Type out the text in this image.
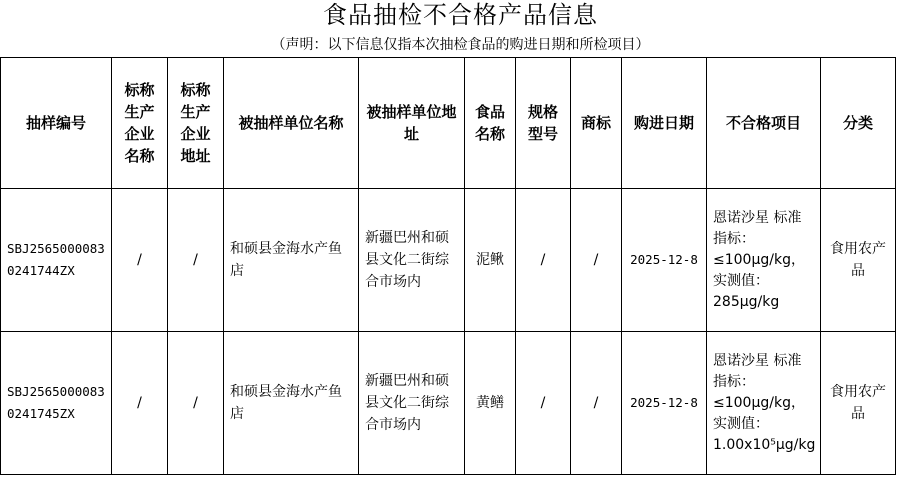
食品抽检不合格产品信息
（声明：以下信息仅指本次抽检食品的购进日期和所检项目）
抽样编号	标称生产企业名称	标称生产企业地址	被抽样单位名称	被抽样单位地址	食品名称	规格型号	商标	购进日期	不合格项目	分类
SBJ25650000830241744ZX	/	/	和硕县金海水产鱼店	新疆巴州和硕县文化二街综合市场内	泥鳅	/	/	2025-12-8	恩诺沙星 标准指标：≤100μg/kg，实测值：285μg/kg	食用农产品
SBJ25650000830241745ZX	/	/	和硕县金海水产鱼店	新疆巴州和硕县文化二街综合市场内	黄鳝	/	/	2025-12-8	恩诺沙星 标准指标：≤100μg/kg，实测值：1.00x10⁵μg/kg	食用农产品
